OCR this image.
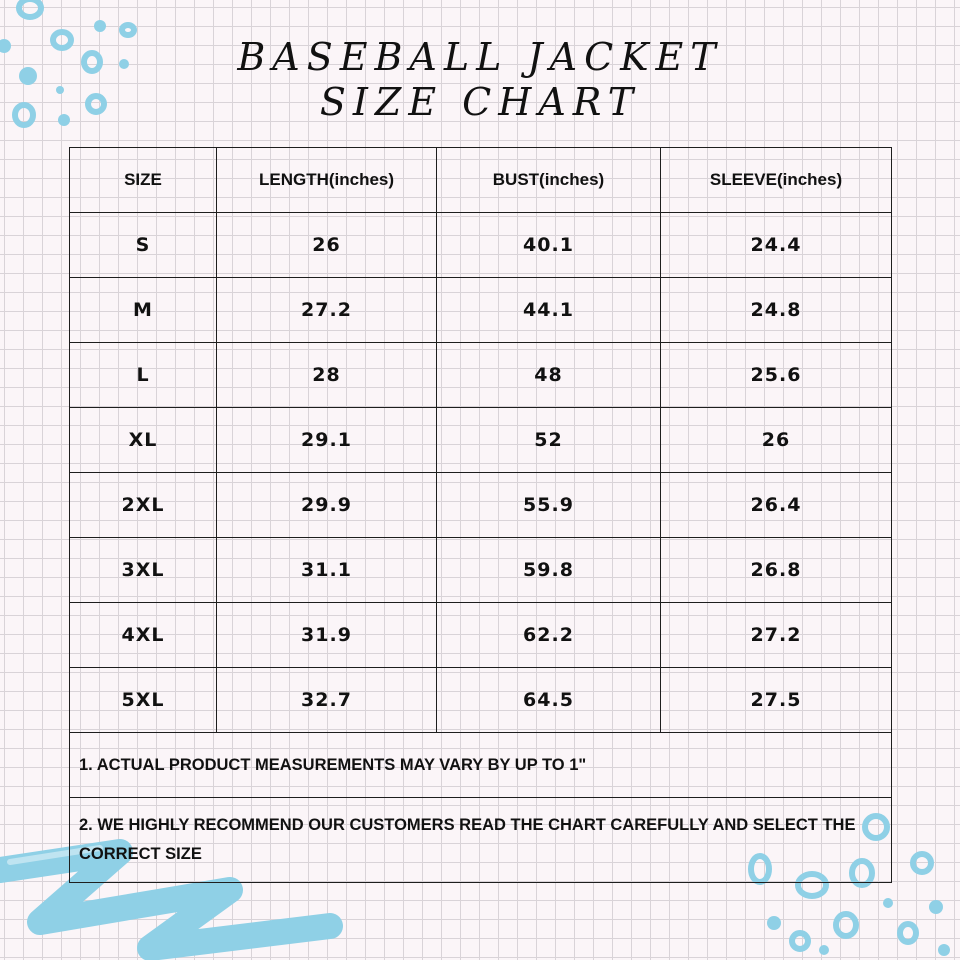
BASEBALL JACKET
SIZE CHART
SIZE	LENGTH(inches)	BUST(inches)	SLEEVE(inches)
S	26	40.1	24.4
M	27.2	44.1	24.8
L	28	48	25.6
XL	29.1	52	26
2XL	29.9	55.9	26.4
3XL	31.1	59.8	26.8
4XL	31.9	62.2	27.2
5XL	32.7	64.5	27.5
1. ACTUAL PRODUCT MEASUREMENTS MAY VARY BY UP TO 1"			
2. WE HIGHLY RECOMMEND OUR CUSTOMERS READ THE CHART CAREFULLY AND SELECT THE CORRECT SIZE			
